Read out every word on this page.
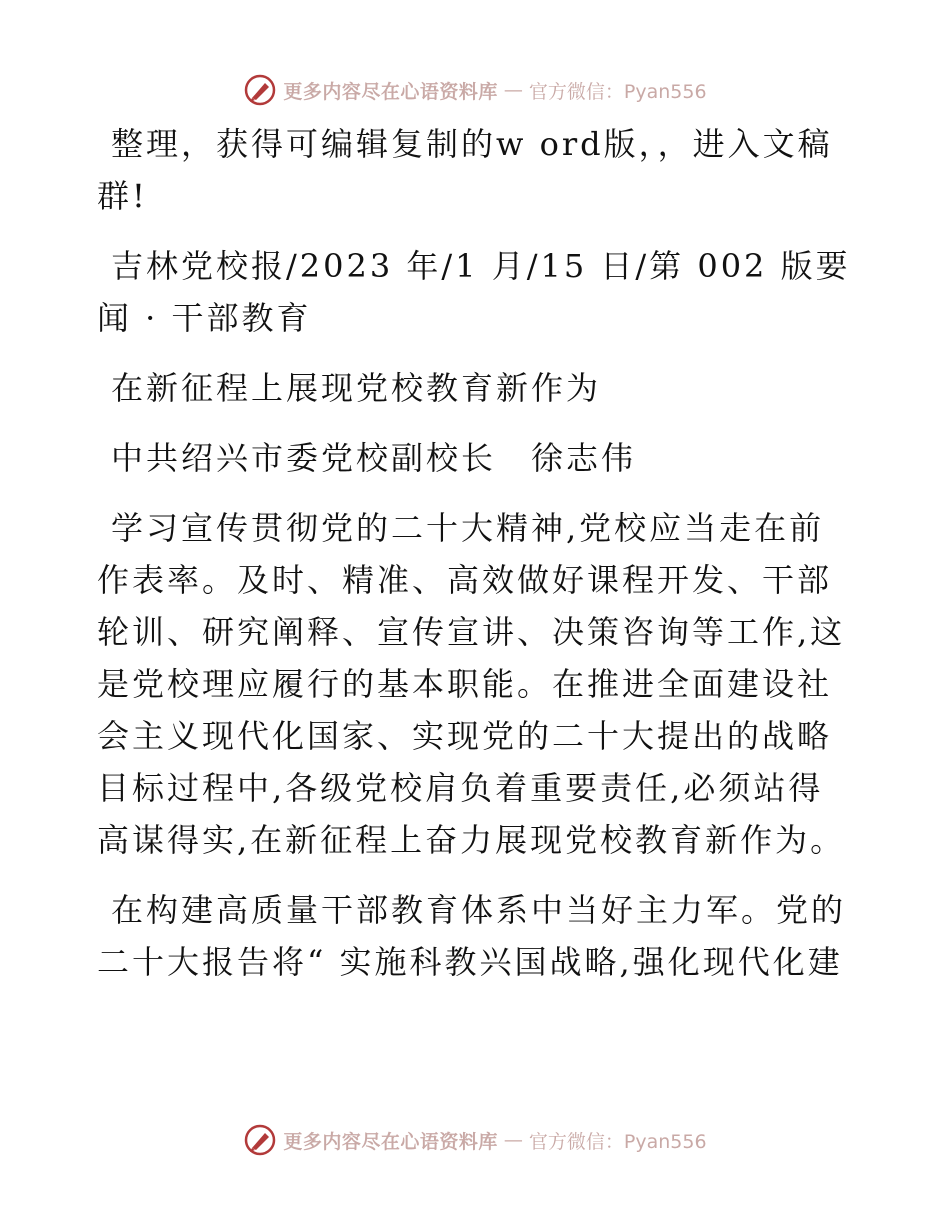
更多内容尽在心语资料库 — 官方微信：Pyan556

整理，获得可编辑复制的w ord版，，进入文稿群!

吉林党校报/2023 年/1 月/15 日/第 002 版要闻 · 干部教育

在新征程上展现党校教育新作为

中共绍兴市委党校副校长　徐志伟

学习宣传贯彻党的二十大精神,党校应当走在前作表率。及时、精准、高效做好课程开发、干部轮训、研究阐释、宣传宣讲、决策咨询等工作,这是党校理应履行的基本职能。在推进全面建设社会主义现代化国家、实现党的二十大提出的战略目标过程中,各级党校肩负着重要责任,必须站得高谋得实,在新征程上奋力展现党校教育新作为。

在构建高质量干部教育体系中当好主力军。党的二十大报告将“ 实施科教兴国战略,强化现代化建

更多内容尽在心语资料库 — 官方微信：Pyan556
